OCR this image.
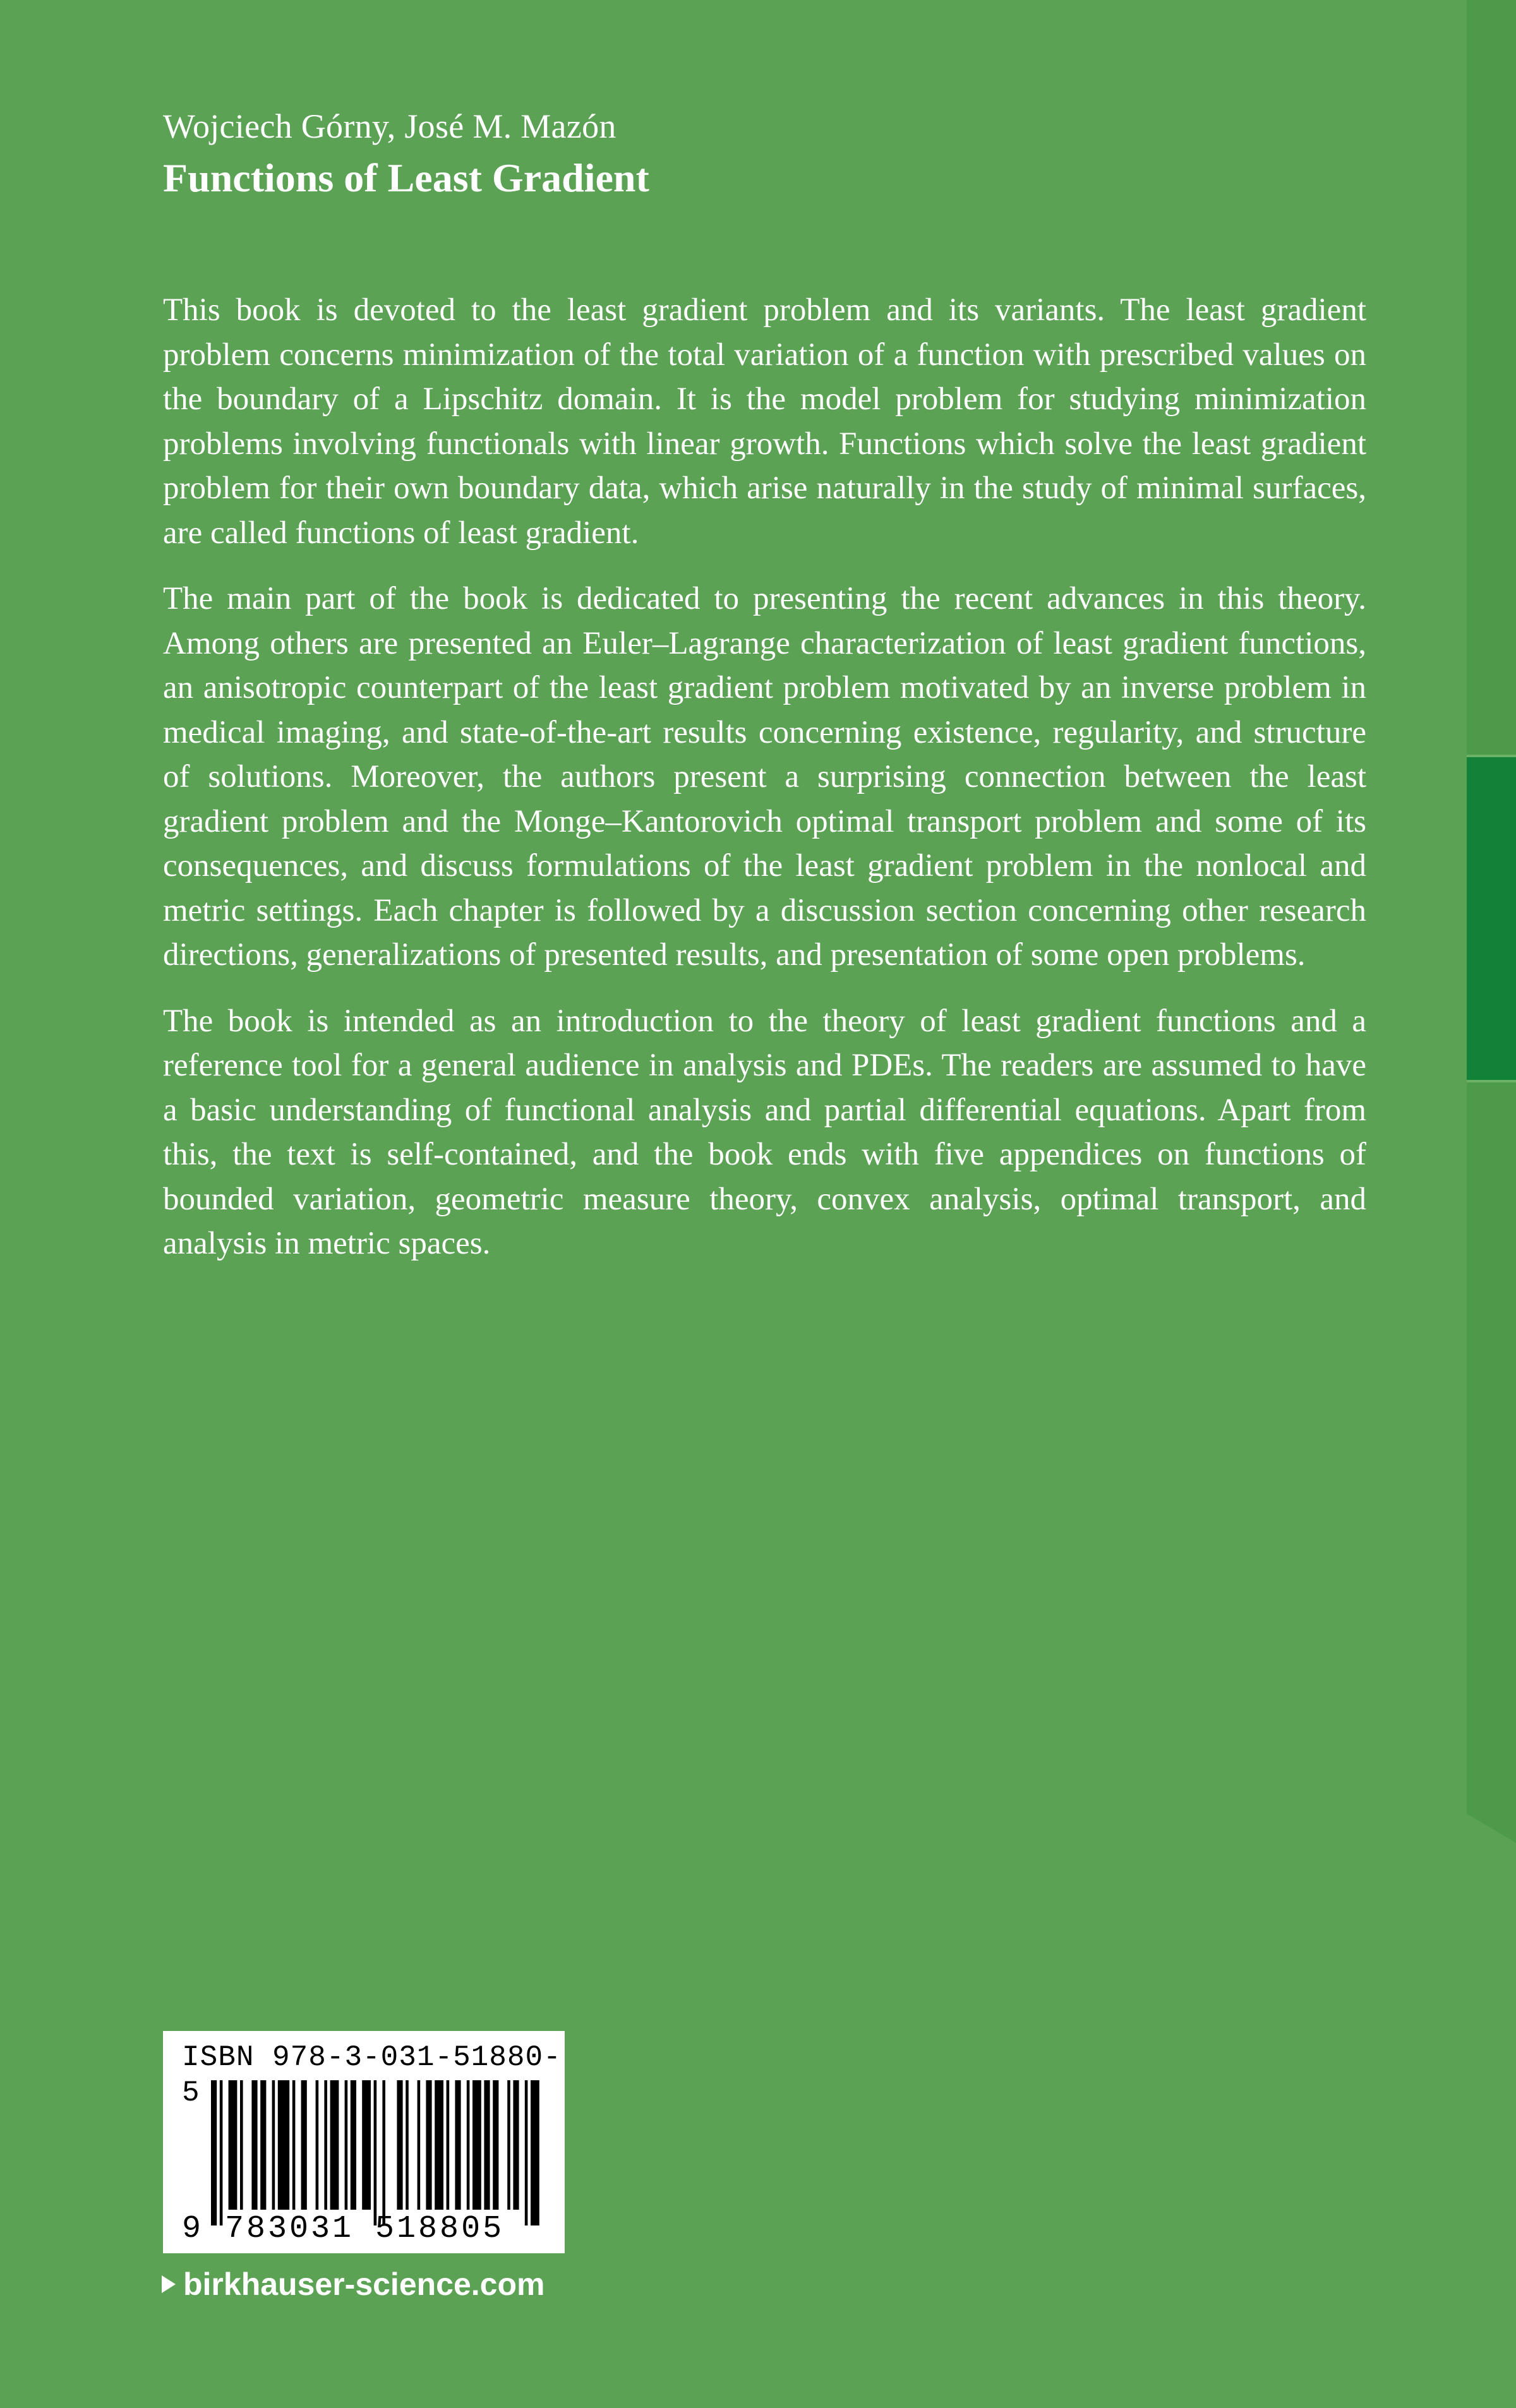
Wojciech Górny, José M. Mazón
Functions of Least Gradient

This book is devoted to the least gradient problem and its variants. The least gradient problem concerns minimization of the total variation of a function with prescribed values on the boundary of a Lipschitz domain. It is the model problem for studying minimization problems involving functionals with linear growth. Functions which solve the least gradient problem for their own boundary data, which arise naturally in the study of minimal surfaces, are called functions of least gradient.

The main part of the book is dedicated to presenting the recent advances in this theory. Among others are presented an Euler–Lagrange characterization of least gradient functions, an anisotropic counterpart of the least gradient problem motivated by an inverse problem in medical imaging, and state-of-the-art results concerning existence, regularity, and structure of solutions. Moreover, the authors present a surprising connection between the least gradient problem and the Monge–Kantorovich optimal transport problem and some of its consequences, and discuss formulations of the least gradient problem in the nonlocal and metric settings. Each chapter is followed by a discussion section concerning other research directions, generalizations of presented results, and presentation of some open problems.

The book is intended as an introduction to the theory of least gradient functions and a reference tool for a general audience in analysis and PDEs. The readers are assumed to have a basic understanding of functional analysis and partial differential equations. Apart from this, the text is self-contained, and the book ends with five appendices on functions of bounded variation, geometric measure theory, convex analysis, optimal transport, and analysis in metric spaces.

ISBN 978-3-031-51880-5
9 783031 518805
birkhauser-science.com
